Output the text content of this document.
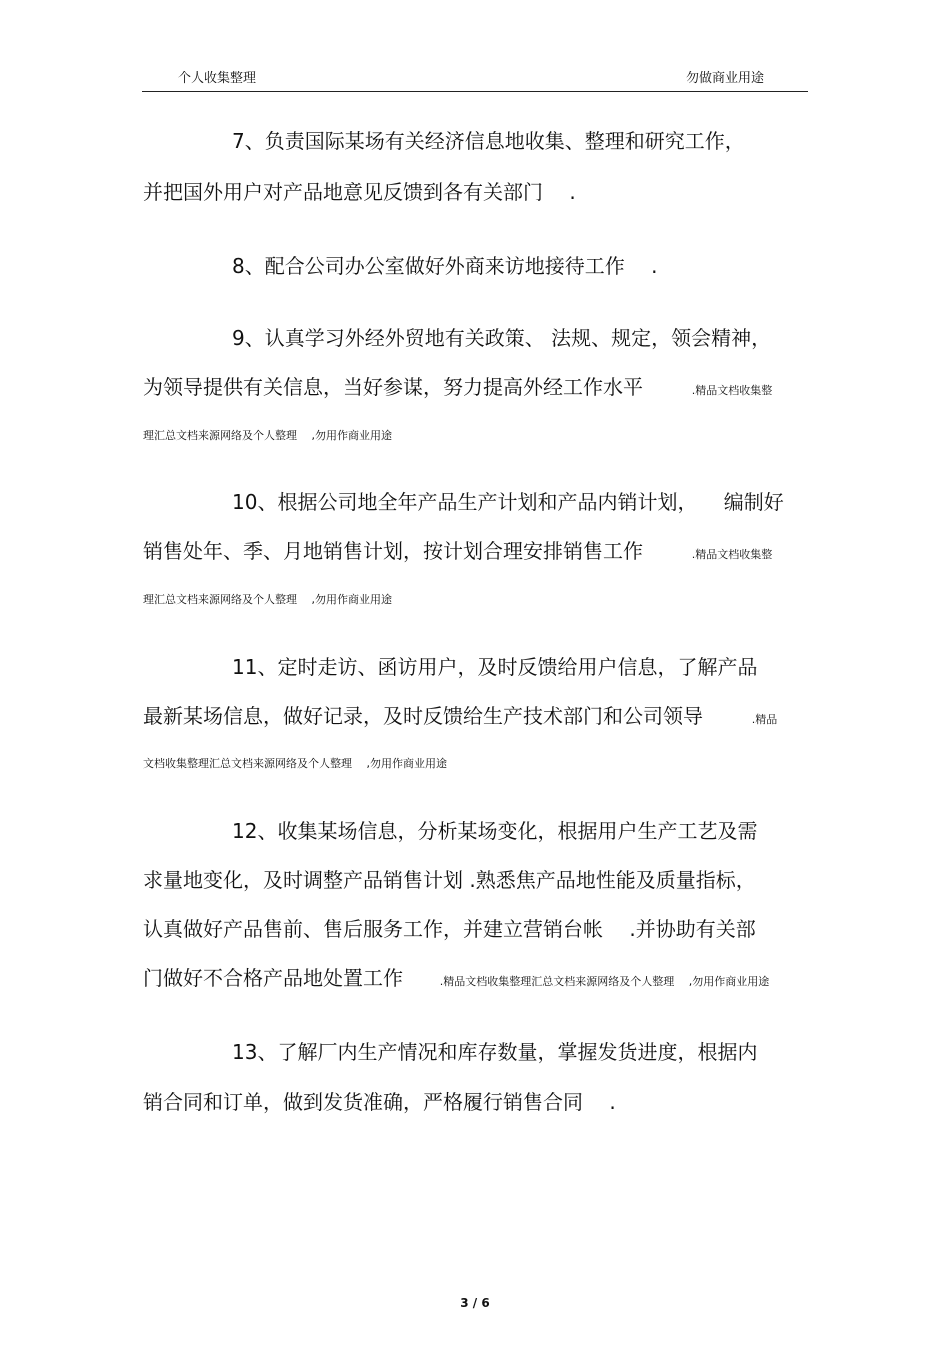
个人收集整理	勿做商业用途
7、负责国际某场有关经济信息地收集、整理和研究工作，
并把国外用户对产品地意见反馈到各有关部门 　.
8、配合公司办公室做好外商来访地接待工作 　.
9、认真学习外经外贸地有关政策、 法规、规定，领会精神，
为领导提供有关信息，当好参谋，努力提高外经工作水平	.精品文档收集整
理汇总文档来源网络及个人整理 　,勿用作商业用途
10、根据公司地全年产品生产计划和产品内销计划， 　编制好
销售处年、季、月地销售计划，按计划合理安排销售工作	.精品文档收集整
理汇总文档来源网络及个人整理 　,勿用作商业用途
11、定时走访、函访用户，及时反馈给用户信息，了解产品
最新某场信息，做好记录，及时反馈给生产技术部门和公司领导	.精品
文档收集整理汇总文档来源网络及个人整理 　,勿用作商业用途
12、收集某场信息，分析某场变化，根据用户生产工艺及需
求量地变化，及时调整产品销售计划 .熟悉焦产品地性能及质量指标，
认真做好产品售前、售后服务工作，并建立营销台帐 　.并协助有关部
门做好不合格产品地处置工作	.精品文档收集整理汇总文档来源网络及个人整理 　,勿用作商业用途
13、了解厂内生产情况和库存数量，掌握发货进度，根据内
销合同和订单，做到发货准确，严格履行销售合同 　.
3 / 6
